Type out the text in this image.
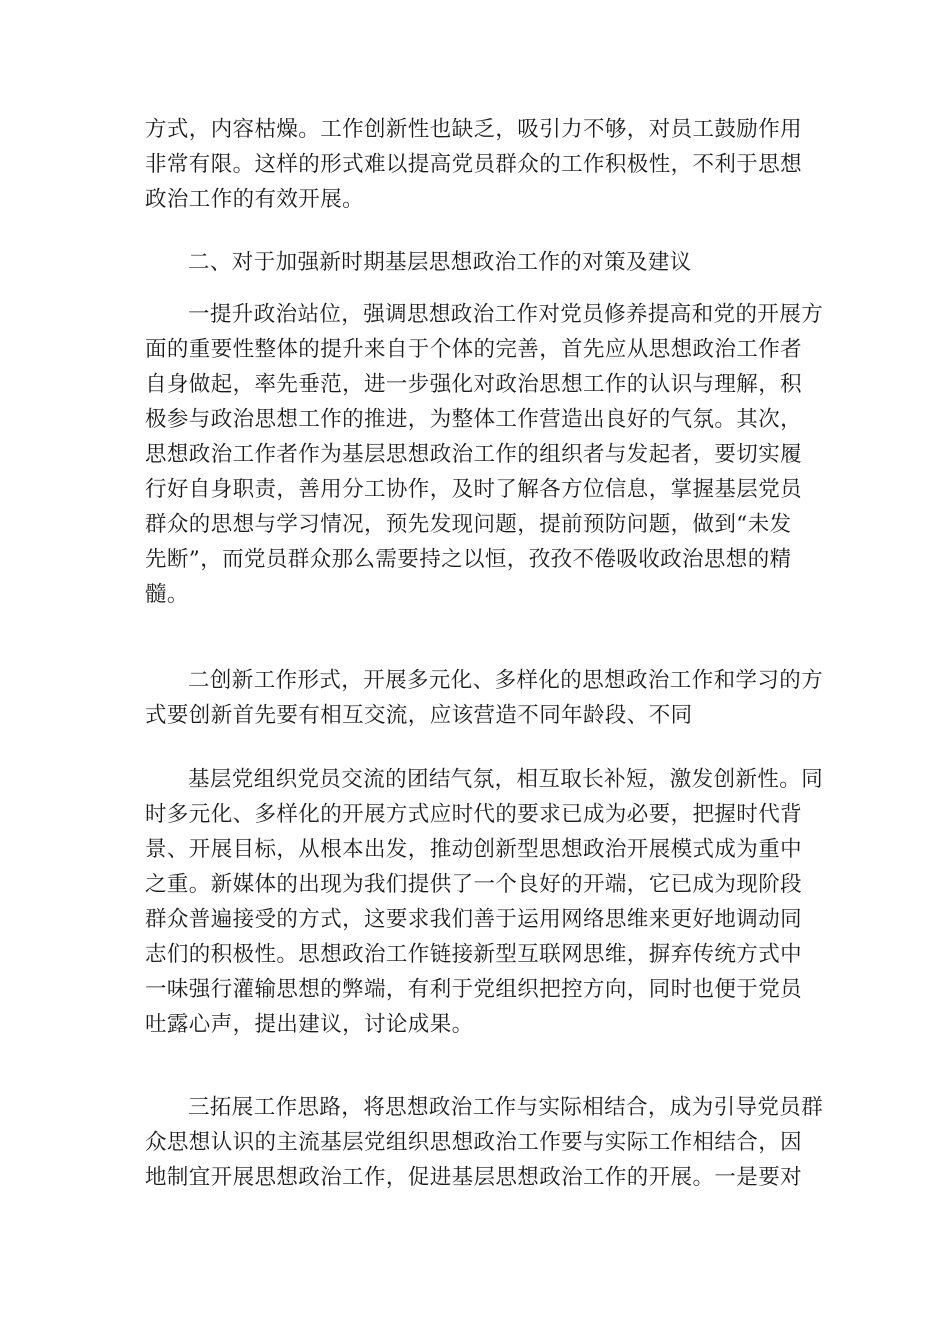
方式，内容枯燥。工作创新性也缺乏，吸引力不够，对员工鼓励作用
非常有限。这样的形式难以提高党员群众的工作积极性，不利于思想
政治工作的有效开展。

二、对于加强新时期基层思想政治工作的对策及建议

一提升政治站位，强调思想政治工作对党员修养提高和党的开展方
面的重要性整体的提升来自于个体的完善，首先应从思想政治工作者
自身做起，率先垂范，进一步强化对政治思想工作的认识与理解，积
极参与政治思想工作的推进，为整体工作营造出良好的气氛。其次，
思想政治工作者作为基层思想政治工作的组织者与发起者，要切实履
行好自身职责，善用分工协作，及时了解各方位信息，掌握基层党员
群众的思想与学习情况，预先发现问题，提前预防问题，做到“未发
先断”，而党员群众那么需要持之以恒，孜孜不倦吸收政治思想的精
髓。

二创新工作形式，开展多元化、多样化的思想政治工作和学习的方
式要创新首先要有相互交流，应该营造不同年龄段、不同

基层党组织党员交流的团结气氛，相互取长补短，激发创新性。同
时多元化、多样化的开展方式应时代的要求已成为必要，把握时代背
景、开展目标，从根本出发，推动创新型思想政治开展模式成为重中
之重。新媒体的出现为我们提供了一个良好的开端，它已成为现阶段
群众普遍接受的方式，这要求我们善于运用网络思维来更好地调动同
志们的积极性。思想政治工作链接新型互联网思维，摒弃传统方式中
一味强行灌输思想的弊端，有利于党组织把控方向，同时也便于党员
吐露心声，提出建议，讨论成果。

三拓展工作思路，将思想政治工作与实际相结合，成为引导党员群
众思想认识的主流基层党组织思想政治工作要与实际工作相结合，因
地制宜开展思想政治工作，促进基层思想政治工作的开展。一是要对
